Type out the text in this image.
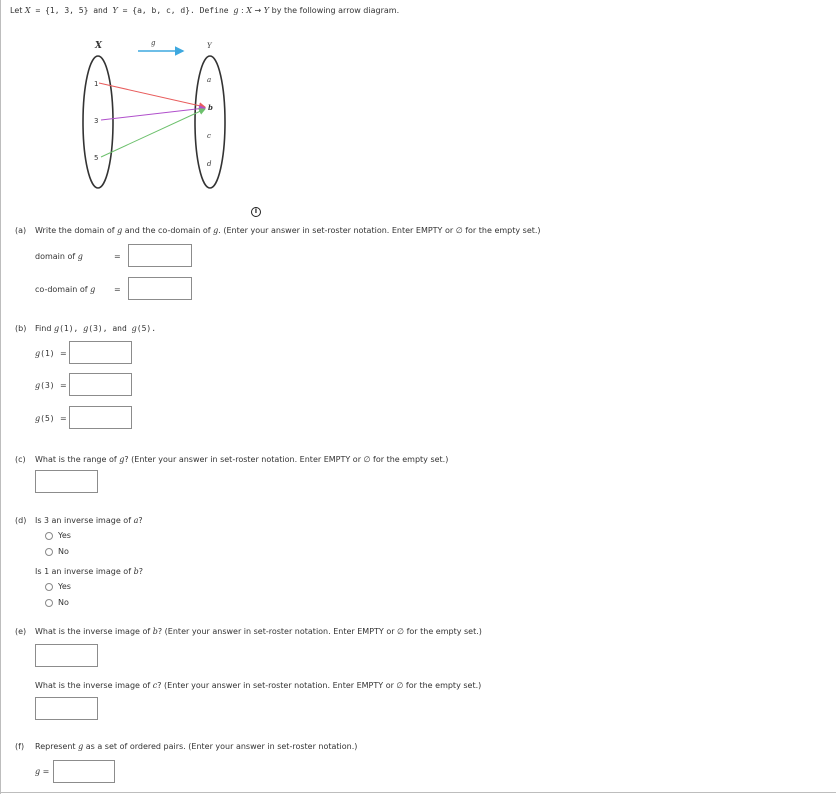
Let X = {1, 3, 5} and Y = {a, b, c, d}. Define g : X → Y by the following arrow diagram.
X	Y
g
1
3
5
a
b
c
d
i
(a) Write the domain of g and the co-domain of g. (Enter your answer in set-roster notation. Enter EMPTY or ∅ for the empty set.)
domain of g	=
co-domain of g =
(b) Find g(1), g(3), and g(5).
g(1) =
g(3) =
g(5) =
(c) What is the range of g? (Enter your answer in set-roster notation. Enter EMPTY or ∅ for the empty set.)
(d) Is 3 an inverse image of a?
Yes
No
Is 1 an inverse image of b?
Yes
No
(e) What is the inverse image of b? (Enter your answer in set-roster notation. Enter EMPTY or ∅ for the empty set.)
What is the inverse image of c? (Enter your answer in set-roster notation. Enter EMPTY or ∅ for the empty set.)
(f) Represent g as a set of ordered pairs. (Enter your answer in set-roster notation.)
g =
